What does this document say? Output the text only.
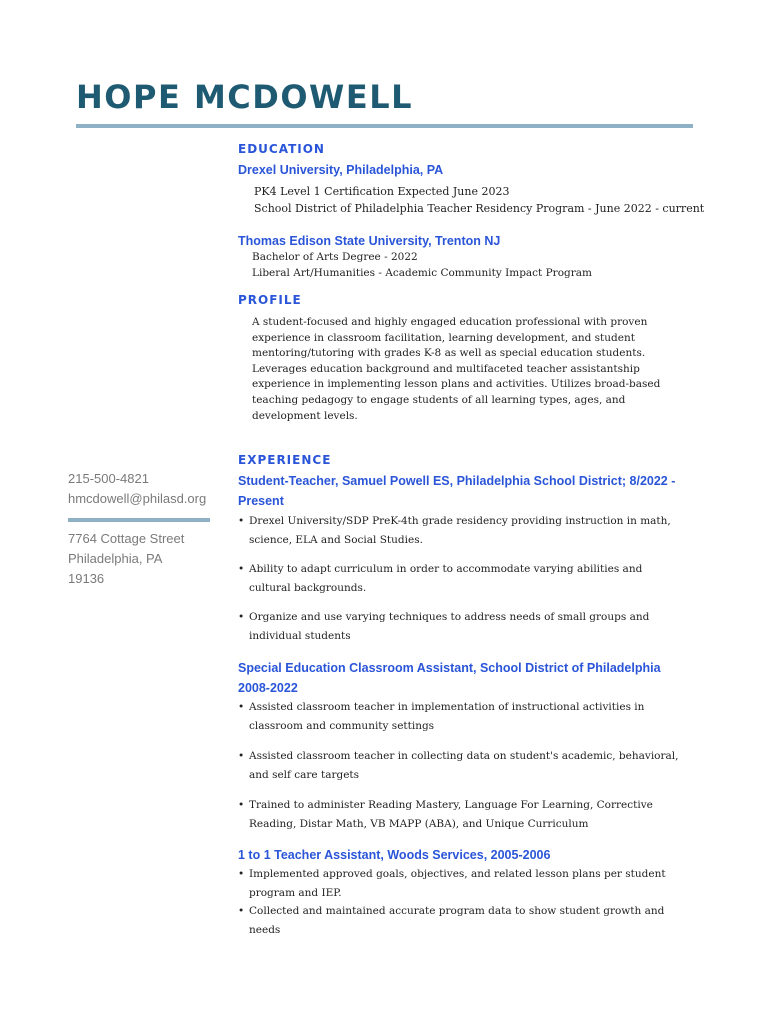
HOPE MCDOWELL
215-500-4821
hmcdowell@philasd.org
7764 Cottage Street
Philadelphia, PA
19136
EDUCATION
Drexel University, Philadelphia, PA
PK4 Level 1 Certification Expected June 2023
School District of Philadelphia Teacher Residency Program - June 2022 - current
Thomas Edison State University, Trenton NJ
Bachelor of Arts Degree - 2022
Liberal Art/Humanities - Academic Community Impact Program
PROFILE
A student-focused and highly engaged education professional with proven experience in classroom facilitation, learning development, and student mentoring/tutoring with grades K-8 as well as special education students. Leverages education background and multifaceted teacher assistantship experience in implementing lesson plans and activities. Utilizes broad-based teaching pedagogy to engage students of all learning types, ages, and development levels.
EXPERIENCE
Student-Teacher, Samuel Powell ES, Philadelphia School District; 8/2022 -
Present
• Drexel University/SDP PreK-4th grade residency providing instruction in math, science, ELA and Social Studies.
• Ability to adapt curriculum in order to accommodate varying abilities and cultural backgrounds.
• Organize and use varying techniques to address needs of small groups and individual students
Special Education Classroom Assistant, School District of Philadelphia
2008-2022
• Assisted classroom teacher in implementation of instructional activities in classroom and community settings
• Assisted classroom teacher in collecting data on student's academic, behavioral, and self care targets
• Trained to administer Reading Mastery, Language For Learning, Corrective Reading, Distar Math, VB MAPP (ABA), and Unique Curriculum
1 to 1 Teacher Assistant, Woods Services, 2005-2006
• Implemented approved goals, objectives, and related lesson plans per student program and IEP.
• Collected and maintained accurate program data to show student growth and needs
